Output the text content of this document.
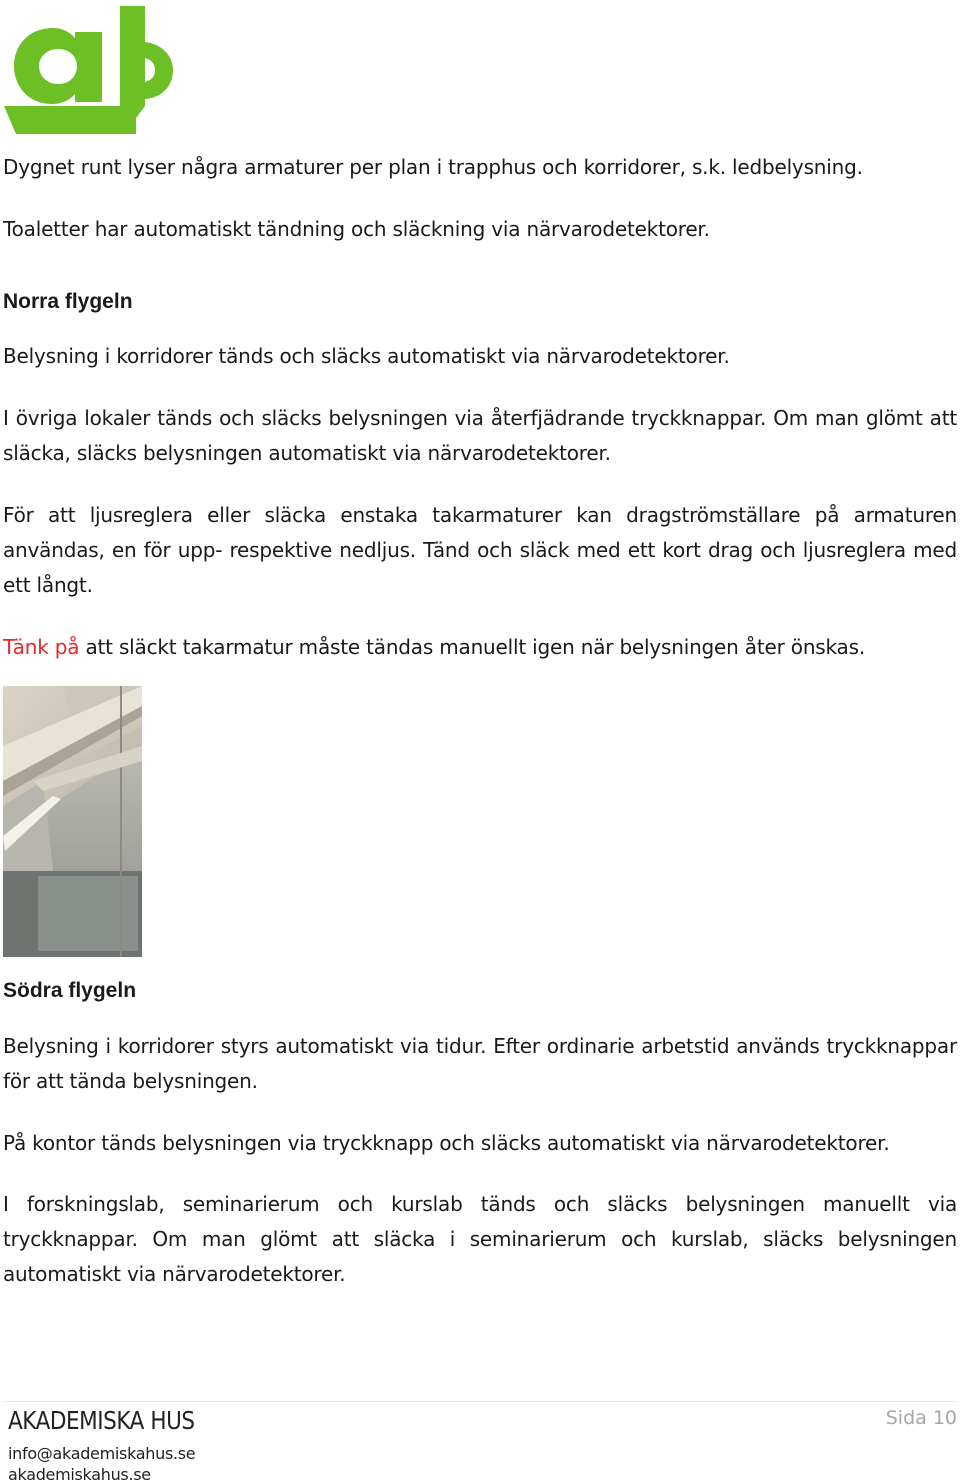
Dygnet runt lyser några armaturer per plan i trapphus och korridorer, s.k. ledbelysning.

Toaletter har automatiskt tändning och släckning via närvarodetektorer.

Norra flygeln

Belysning i korridorer tänds och släcks automatiskt via närvarodetektorer.

I övriga lokaler tänds och släcks belysningen via återfjädrande tryckknappar. Om man glömt att släcka, släcks belysningen automatiskt via närvarodetektorer.

För att ljusreglera eller släcka enstaka takarmaturer kan dragströmställare på armaturen användas, en för upp- respektive nedljus. Tänd och släck med ett kort drag och ljusreglera med ett långt.

Tänk på att släckt takarmatur måste tändas manuellt igen när belysningen åter önskas.

Södra flygeln

Belysning i korridorer styrs automatiskt via tidur. Efter ordinarie arbetstid används tryckknappar för att tända belysningen.

På kontor tänds belysningen via tryckknapp och släcks automatiskt via närvarodetektorer.

I forskningslab, seminarierum och kurslab tänds och släcks belysningen manuellt via tryckknappar. Om man glömt att släcka i seminarierum och kurslab, släcks belysningen automatiskt via närvarodetektorer.

AKADEMISKA HUS
info@akademiskahus.se
akademiskahus.se
Sida 10
